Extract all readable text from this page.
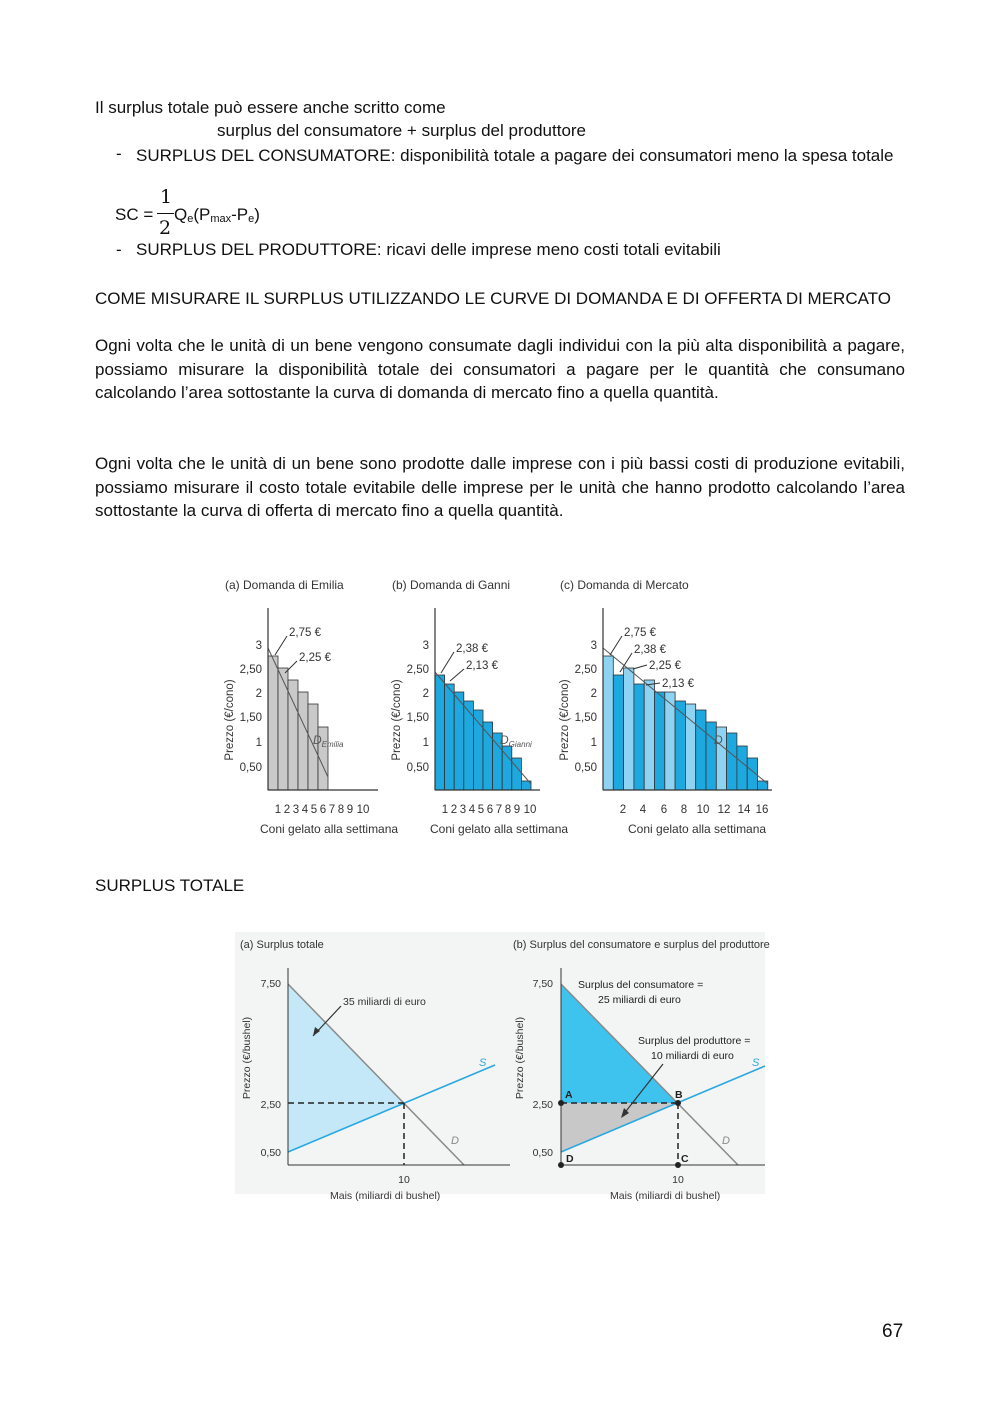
Il surplus totale può essere anche scritto come
surplus del consumatore + surplus del produttore
- SURPLUS DEL CONSUMATORE: disponibilità totale a pagare dei consumatori meno la spesa totale
SC =
1
2
$Q_e(P_{max}-P_e)$
- SURPLUS DEL PRODUTTORE: ricavi delle imprese meno costi totali evitabili
COME MISURARE IL SURPLUS UTILIZZANDO LE CURVE DI DOMANDA E DI OFFERTA DI MERCATO
Ogni volta che le unità di un bene vengono consumate dagli individui con la più alta disponibilità a pagare, possiamo misurare la disponibilità totale dei consumatori a pagare per le quantità che consumano calcolando l’area sottostante la curva di domanda di mercato fino a quella quantità.
Ogni volta che le unità di un bene sono prodotte dalle imprese con i più bassi costi di produzione evitabili, possiamo misurare il costo totale evitabile delle imprese per le unità che hanno prodotto calcolando l’area sottostante la curva di offerta di mercato fino a quella quantità.
(a) Domanda di Emilia
Prezzo (€/cono)
3
2,50
2
1,50
1
0,50
1 2 3 4 5 6 7 8 9 10
Coni gelato alla settimana
2,75 €
2,25 €
$D_{Emilia}$
(b) Domanda di Ganni
Prezzo (€/cono)
3
2,50
2
1,50
1
0,50
1 2 3 4 5 6 7 8 9 10
Coni gelato alla settimana
2,38 €
2,13 €
$D_{Gianni}$
(c) Domanda di Mercato
Prezzo (€/cono)
3
2,50
2
1,50
1
0,50
2 4 6 8 10 12 14 16
Coni gelato alla settimana
2,75 €
2,38 €
2,25 €
2,13 €
D
SURPLUS TOTALE
(a) Surplus totale
Prezzo (€/bushel)
7,50
2,50
0,50
10
Mais (miliardi di bushel)
35 miliardi di euro
S
D
(b) Surplus del consumatore e surplus del produttore
Prezzo (€/bushel)
7,50
2,50
0,50
A	B
C
D
10
Mais (miliardi di bushel)
Surplus del consumatore =
25 miliardi di euro
Surplus del produttore =
10 miliardi di euro
S
D
67
